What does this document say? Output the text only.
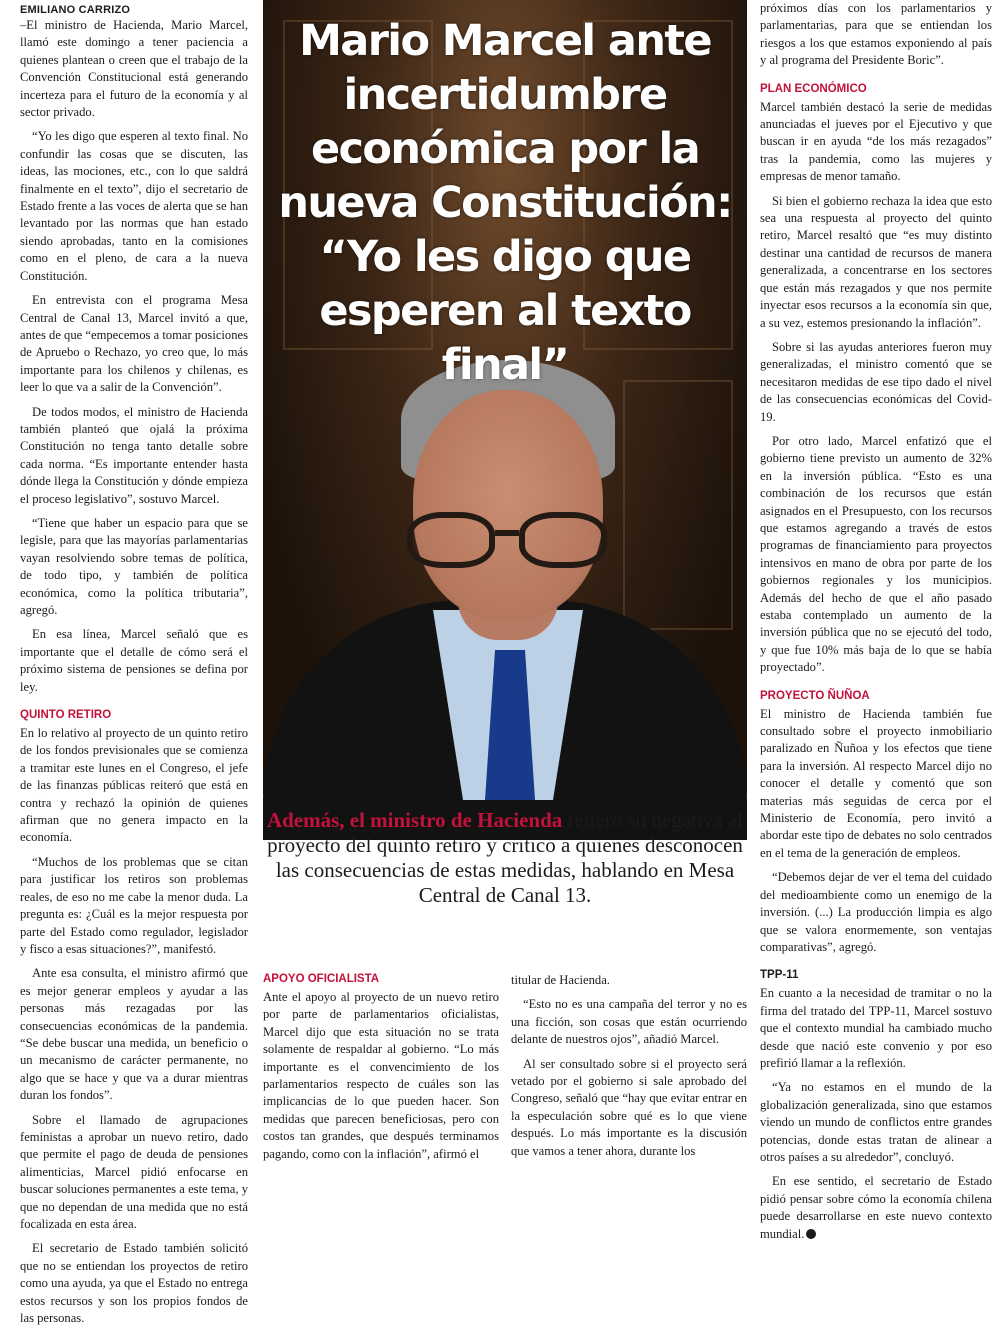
EMILIANO CARRIZO

–El ministro de Hacienda, Mario Marcel, llamó este domingo a tener paciencia a quienes plantean o creen que el trabajo de la Convención Constitucional está generando incerteza para el futuro de la economía y al sector privado.

“Yo les digo que esperen al texto final. No confundir las cosas que se discuten, las ideas, las mociones, etc., con lo que saldrá finalmente en el texto”, dijo el secretario de Estado frente a las voces de alerta que se han levantado por las normas que han estado siendo aprobadas, tanto en la comisiones como en el pleno, de cara a la nueva Constitución.

En entrevista con el programa Mesa Central de Canal 13, Marcel invitó a que, antes de que “empecemos a tomar posiciones de Apruebo o Rechazo, yo creo que, lo más importante para los chilenos y chilenas, es leer lo que va a salir de la Convención”.

De todos modos, el ministro de Hacienda también planteó que ojalá la próxima Constitución no tenga tanto detalle sobre cada norma. “Es importante entender hasta dónde llega la Constitución y dónde empieza el proceso legislativo”, sostuvo Marcel.

“Tiene que haber un espacio para que se legisle, para que las mayorías parlamentarias vayan resolviendo sobre temas de política, de todo tipo, y también de política económica, como la política tributaria”, agregó.

En esa línea, Marcel señaló que es importante que el detalle de cómo será el próximo sistema de pensiones se defina por ley.

QUINTO RETIRO

En lo relativo al proyecto de un quinto retiro de los fondos previsionales que se comienza a tramitar este lunes en el Congreso, el jefe de las finanzas públicas reiteró que está en contra y rechazó la opinión de quienes afirman que no genera impacto en la economía.

“Muchos de los problemas que se citan para justificar los retiros son problemas reales, de eso no me cabe la menor duda. La pregunta es: ¿Cuál es la mejor respuesta por parte del Estado como regulador, legislador y fisco a esas situaciones?”, manifestó.

Ante esa consulta, el ministro afirmó que es mejor generar empleos y ayudar a las personas más rezagadas por las consecuencias económicas de la pandemia. “Se debe buscar una medida, un beneficio o un mecanismo de carácter permanente, no algo que se hace y que va a durar mientras duran los fondos”.

Sobre el llamado de agrupaciones feministas a aprobar un nuevo retiro, dado que permite el pago de deuda de pensiones alimenticias, Marcel pidió enfocarse en buscar soluciones permanentes a este tema, y que no dependan de una medida que no está focalizada en esta área.

El secretario de Estado también solicitó que no se entiendan los proyectos de retiro como una ayuda, ya que el Estado no entrega estos recursos y son los propios fondos de las personas.

Mario Marcel ante incertidumbre económica por la nueva Constitución: “Yo les digo que esperen al texto final”
Además, el ministro de Hacienda reiteró su negativa al proyecto del quinto retiró y criticó a quienes desconocen las consecuencias de estas medidas, hablando en Mesa Central de Canal 13.
APOYO OFICIALISTA

Ante el apoyo al proyecto de un nuevo retiro por parte de parlamentarios oficialistas, Marcel dijo que esta situación no se trata solamente de respaldar al gobierno. “Lo más importante es el convencimiento de los parlamentarios respecto de cuáles son las implicancias de lo que pueden hacer. Son medidas que parecen beneficiosas, pero con costos tan grandes, que después terminamos pagando, como con la inflación”, afirmó el

titular de Hacienda.

“Esto no es una campaña del terror y no es una ficción, son cosas que están ocurriendo delante de nuestros ojos”, añadió Marcel.

Al ser consultado sobre si el proyecto será vetado por el gobierno si sale aprobado del Congreso, señaló que “hay que evitar entrar en la especulación sobre qué es lo que viene después. Lo más importante es la discusión que vamos a tener ahora, durante los

próximos días con los parlamentarios y parlamentarias, para que se entiendan los riesgos a los que estamos exponiendo al país y al programa del Presidente Boric”.

PLAN ECONÓMICO

Marcel también destacó la serie de medidas anunciadas el jueves por el Ejecutivo y que buscan ir en ayuda “de los más rezagados” tras la pandemia, como las mujeres y empresas de menor tamaño.

Si bien el gobierno rechaza la idea que esto sea una respuesta al proyecto del quinto retiro, Marcel resaltó que “es muy distinto destinar una cantidad de recursos de manera generalizada, a concentrarse en los sectores que están más rezagados y que nos permite inyectar esos recursos a la economía sin que, a su vez, estemos presionando la inflación”.

Sobre si las ayudas anteriores fueron muy generalizadas, el ministro comentó que se necesitaron medidas de ese tipo dado el nivel de las consecuencias económicas del Covid-19.

Por otro lado, Marcel enfatizó que el gobierno tiene previsto un aumento de 32% en la inversión pública. “Esto es una combinación de los recursos que están asignados en el Presupuesto, con los recursos que estamos agregando a través de estos programas de financiamiento para proyectos intensivos en mano de obra por parte de los gobiernos regionales y los municipios. Además del hecho de que el año pasado estaba contemplado un aumento de la inversión pública que no se ejecutó del todo, y que fue 10% más baja de lo que se había proyectado”.

PROYECTO ÑUÑOA

El ministro de Hacienda también fue consultado sobre el proyecto inmobiliario paralizado en Ñuñoa y los efectos que tiene para la inversión. Al respecto Marcel dijo no conocer el detalle y comentó que son materias más seguidas de cerca por el Ministerio de Economía, pero invitó a abordar este tipo de debates no solo centrados en el tema de la generación de empleos.

“Debemos dejar de ver el tema del cuidado del medioambiente como un enemigo de la inversión. (...) La producción limpia es algo que se valora enormemente, son ventajas comparativas”, agregó.

TPP-11

En cuanto a la necesidad de tramitar o no la firma del tratado del TPP-11, Marcel sostuvo que el contexto mundial ha cambiado mucho desde que nació este convenio y por eso prefirió llamar a la reflexión.

“Ya no estamos en el mundo de la globalización generalizada, sino que estamos viendo un mundo de conflictos entre grandes potencias, donde estas tratan de alinear a otros países a su alrededor”, concluyó.

En ese sentido, el secretario de Estado pidió pensar sobre cómo la economía chilena puede desarrollarse en este nuevo contexto mundial.
